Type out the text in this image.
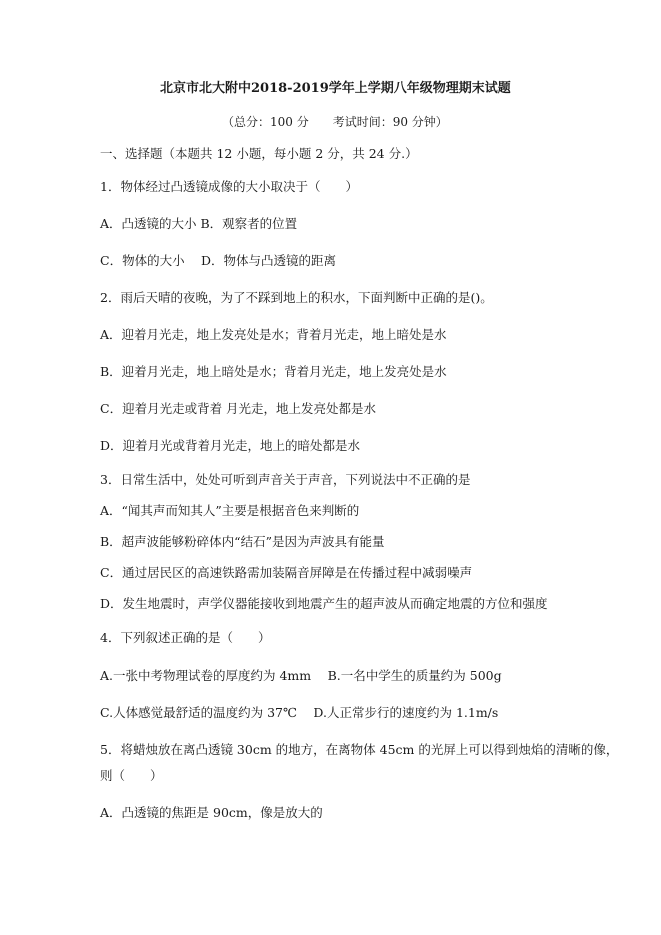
北京市北大附中2018-2019学年上学期八年级物理期末试题
（总分：100 分　　考试时间：90 分钟）
一、选择题（本题共 12 小题，每小题 2 分，共 24 分.）
1．物体经过凸透镜成像的大小取决于（　　）
A．凸透镜的大小 B．观察者的位置
C．物体的大小　 D．物体与凸透镜的距离
2．雨后天晴的夜晚，为了不踩到地上的积水，下面判断中正确的是()。
A．迎着月光走，地上发亮处是水；背着月光走，地上暗处是水
B．迎着月光走，地上暗处是水；背着月光走，地上发亮处是水
C．迎着月光走或背着 月光走，地上发亮处都是水
D．迎着月光或背着月光走，地上的暗处都是水
3．日常生活中，处处可听到声音关于声音，下列说法中不正确的是
A．“闻其声而知其人”主要是根据音色来判断的
B．超声波能够粉碎体内“结石”是因为声波具有能量
C．通过居民区的高速铁路需加装隔音屏障是在传播过程中减弱噪声
D．发生地震时，声学仪器能接收到地震产生的超声波从而确定地震的方位和强度
4．下列叙述正确的是（　　）
A.一张中考物理试卷的厚度约为 4mm　 B.一名中学生的质量约为 500g
C.人体感觉最舒适的温度约为 37℃　 D.人正常步行的速度约为 1.1m/s
5．将蜡烛放在离凸透镜 30cm 的地方，在离物体 45cm 的光屏上可以得到烛焰的清晰的像，
则（　　）
A．凸透镜的焦距是 90cm，像是放大的
